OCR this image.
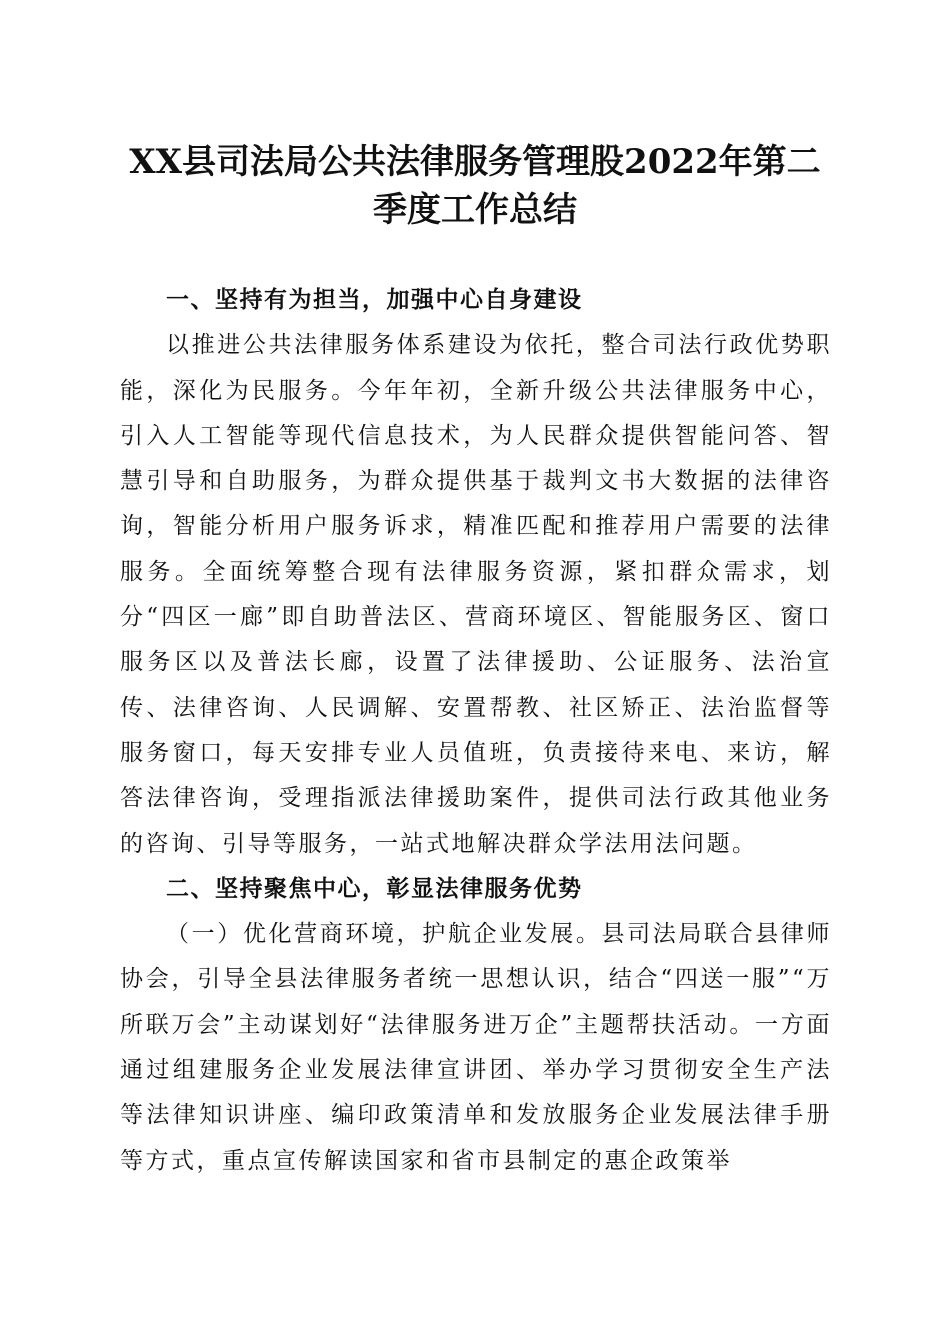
XX县司法局公共法律服务管理股2022年第二
季度工作总结

一、坚持有为担当，加强中心自身建设

以推进公共法律服务体系建设为依托，整合司法行政优势职能，深化为民服务。今年年初，全新升级公共法律服务中心，引入人工智能等现代信息技术，为人民群众提供智能问答、智慧引导和自助服务，为群众提供基于裁判文书大数据的法律咨询，智能分析用户服务诉求，精准匹配和推荐用户需要的法律服务。全面统筹整合现有法律服务资源，紧扣群众需求，划分“四区一廊”即自助普法区、营商环境区、智能服务区、窗口服务区以及普法长廊，设置了法律援助、公证服务、法治宣传、法律咨询、人民调解、安置帮教、社区矫正、法治监督等服务窗口，每天安排专业人员值班，负责接待来电、来访，解答法律咨询，受理指派法律援助案件，提供司法行政其他业务的咨询、引导等服务，一站式地解决群众学法用法问题。

二、坚持聚焦中心，彰显法律服务优势

（一）优化营商环境，护航企业发展。县司法局联合县律师协会，引导全县法律服务者统一思想认识，结合“四送一服”“万所联万会”主动谋划好“法律服务进万企”主题帮扶活动。一方面通过组建服务企业发展法律宣讲团、举办学习贯彻安全生产法等法律知识讲座、编印政策清单和发放服务企业发展法律手册等方式，重点宣传解读国家和省市县制定的惠企政策举
